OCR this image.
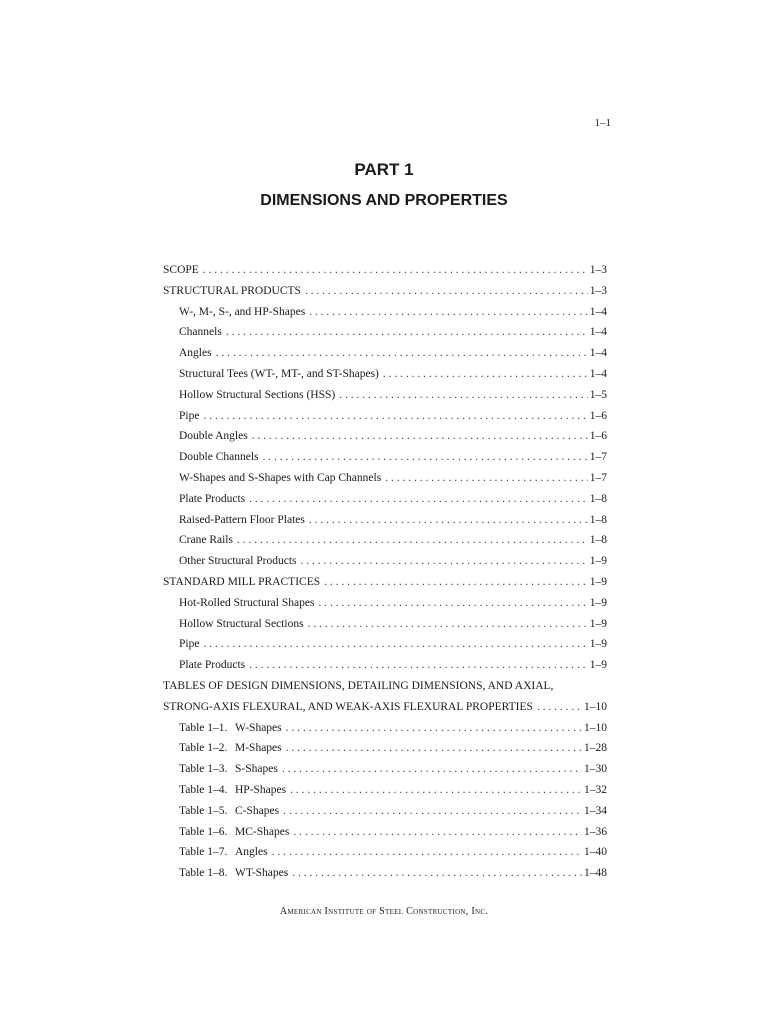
1–1

PART 1
DIMENSIONS AND PROPERTIES
SCOPE . . .	1–3
STRUCTURAL PRODUCTS . . .	1–3
W-, M-, S-, and HP-Shapes . . .	1–4
Channels . . .	1–4
Angles . . .	1–4
Structural Tees (WT-, MT-, and ST-Shapes) . . .	1–4
Hollow Structural Sections (HSS) . . .	1–5
Pipe . . .	1–6
Double Angles . . .	1–6
Double Channels . . .	1–7
W-Shapes and S-Shapes with Cap Channels . . .	1–7
Plate Products . . .	1–8
Raised-Pattern Floor Plates . . .	1–8
Crane Rails . . .	1–8
Other Structural Products . . .	1–9
STANDARD MILL PRACTICES . . .	1–9
Hot-Rolled Structural Shapes . . .	1–9
Hollow Structural Sections . . .	1–9
Pipe . . .	1–9
Plate Products . . .	1–9
TABLES OF DESIGN DIMENSIONS, DETAILING DIMENSIONS, AND AXIAL,
STRONG-AXIS FLEXURAL, AND WEAK-AXIS FLEXURAL PROPERTIES . . .	1–10
Table 1–1. W-Shapes . . .	1–10
Table 1–2. M-Shapes . . .	1–28
Table 1–3. S-Shapes . . .	1–30
Table 1–4. HP-Shapes . . .	1–32
Table 1–5. C-Shapes . . .	1–34
Table 1–6. MC-Shapes . . .	1–36
Table 1–7. Angles . . .	1–40
Table 1–8. WT-Shapes . . .	1–48

American Institute of Steel Construction, Inc.
